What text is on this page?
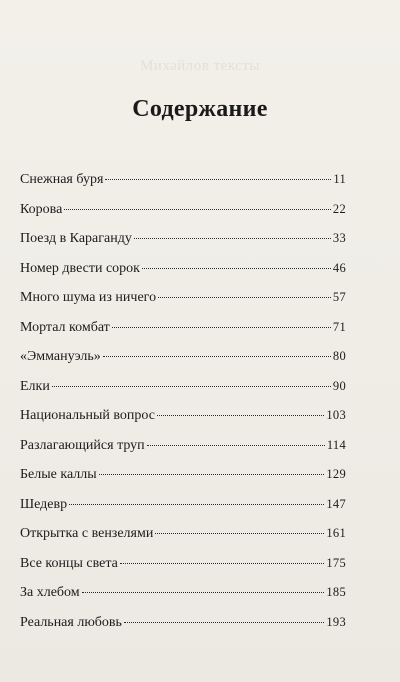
Михайлов тексты
Содержание
Снежная буря	11
Корова	22
Поезд в Караганду	33
Номер двести сорок	46
Много шума из ничего	57
Мортал комбат	71
«Эммануэль»	80
Елки	90
Национальный вопрос	103
Разлагающийся труп	114
Белые каллы	129
Шедевр	147
Открытка с вензелями	161
Все концы света	175
За хлебом	185
Реальная любовь	193
